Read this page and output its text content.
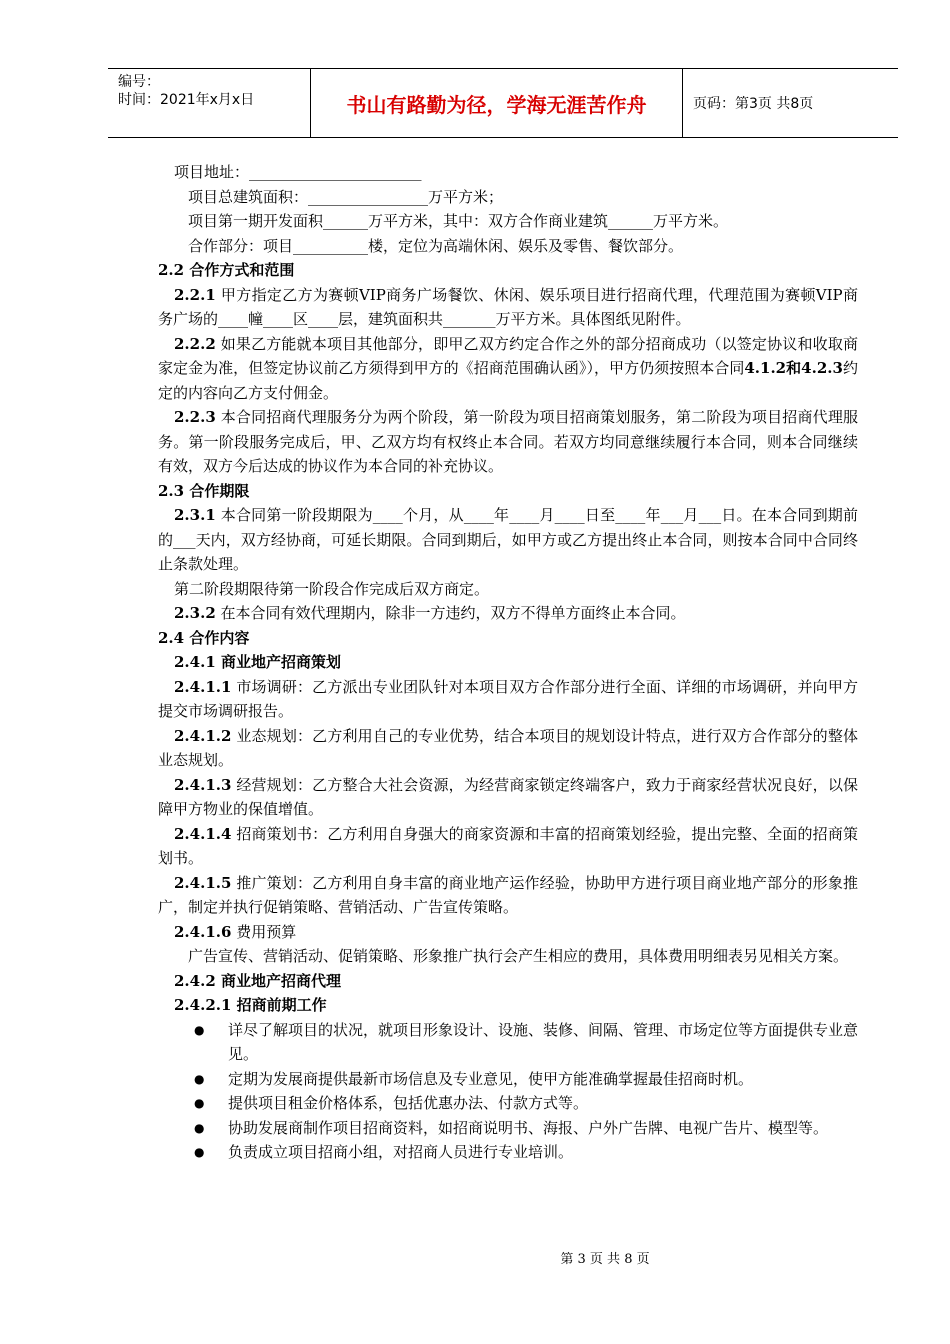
编号：
时间：2021年x月x日	书山有路勤为径，学海无涯苦作舟	页码：第3页 共8页

项目地址：_______________________

项目总建筑面积：________________万平方米；

项目第一期开发面积______万平方米，其中：双方合作商业建筑______万平方米。

合作部分：项目__________楼，定位为高端休闲、娱乐及零售、餐饮部分。

2.2 合作方式和范围

2.2.1 甲方指定乙方为赛顿VIP商务广场餐饮、休闲、娱乐项目进行招商代理，代理范围为赛顿VIP商务广场的____幢____区____层，建筑面积共_______万平方米。具体图纸见附件。

2.2.2 如果乙方能就本项目其他部分，即甲乙双方约定合作之外的部分招商成功（以签定协议和收取商家定金为准，但签定协议前乙方须得到甲方的《招商范围确认函》），甲方仍须按照本合同4.1.2和4.2.3约定的内容向乙方支付佣金。

2.2.3 本合同招商代理服务分为两个阶段，第一阶段为项目招商策划服务，第二阶段为项目招商代理服务。第一阶段服务完成后，甲、乙双方均有权终止本合同。若双方均同意继续履行本合同，则本合同继续有效，双方今后达成的协议作为本合同的补充协议。

2.3 合作期限

2.3.1 本合同第一阶段期限为____个月，从____年____月____日至____年___月___日。在本合同到期前的___天内，双方经协商，可延长期限。合同到期后，如甲方或乙方提出终止本合同，则按本合同中合同终止条款处理。

第二阶段期限待第一阶段合作完成后双方商定。

2.3.2 在本合同有效代理期内，除非一方违约，双方不得单方面终止本合同。

2.4 合作内容

2.4.1 商业地产招商策划

2.4.1.1 市场调研：乙方派出专业团队针对本项目双方合作部分进行全面、详细的市场调研，并向甲方提交市场调研报告。

2.4.1.2 业态规划：乙方利用自己的专业优势，结合本项目的规划设计特点，进行双方合作部分的整体业态规划。

2.4.1.3 经营规划：乙方整合大社会资源，为经营商家锁定终端客户，致力于商家经营状况良好，以保障甲方物业的保值增值。

2.4.1.4 招商策划书：乙方利用自身强大的商家资源和丰富的招商策划经验，提出完整、全面的招商策划书。

2.4.1.5 推广策划：乙方利用自身丰富的商业地产运作经验，协助甲方进行项目商业地产部分的形象推广，制定并执行促销策略、营销活动、广告宣传策略。

2.4.1.6 费用预算

广告宣传、营销活动、促销策略、形象推广执行会产生相应的费用，具体费用明细表另见相关方案。

2.4.2 商业地产招商代理

2.4.2.1 招商前期工作

●	详尽了解项目的状况，就项目形象设计、设施、装修、间隔、管理、市场定位等方面提供专业意见。
●	定期为发展商提供最新市场信息及专业意见，使甲方能准确掌握最佳招商时机。
●	提供项目租金价格体系，包括优惠办法、付款方式等。
●	协助发展商制作项目招商资料，如招商说明书、海报、户外广告牌、电视广告片、模型等。
●	负责成立项目招商小组，对招商人员进行专业培训。
第 3 页 共 8 页
